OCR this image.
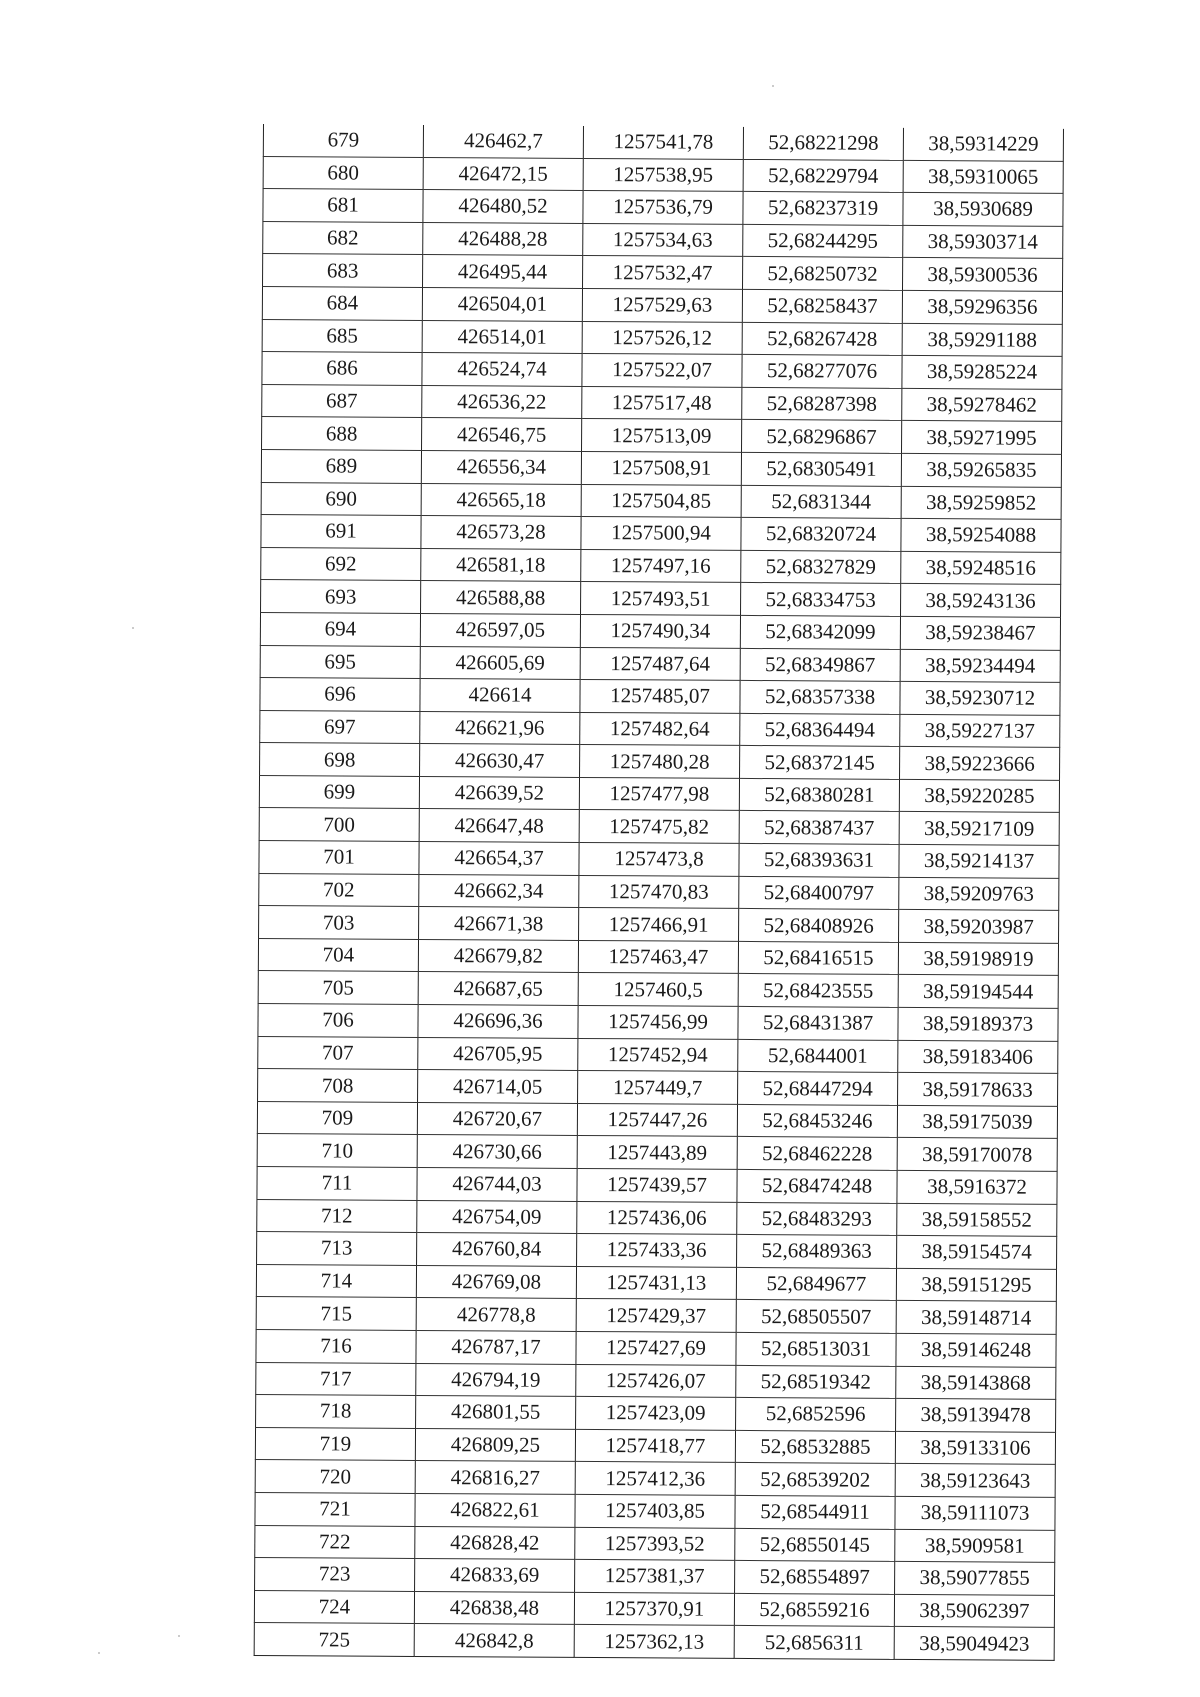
679	426462,7	1257541,78	52,68221298	38,59314229
680	426472,15	1257538,95	52,68229794	38,59310065
681	426480,52	1257536,79	52,68237319	38,5930689
682	426488,28	1257534,63	52,68244295	38,59303714
683	426495,44	1257532,47	52,68250732	38,59300536
684	426504,01	1257529,63	52,68258437	38,59296356
685	426514,01	1257526,12	52,68267428	38,59291188
686	426524,74	1257522,07	52,68277076	38,59285224
687	426536,22	1257517,48	52,68287398	38,59278462
688	426546,75	1257513,09	52,68296867	38,59271995
689	426556,34	1257508,91	52,68305491	38,59265835
690	426565,18	1257504,85	52,6831344	38,59259852
691	426573,28	1257500,94	52,68320724	38,59254088
692	426581,18	1257497,16	52,68327829	38,59248516
693	426588,88	1257493,51	52,68334753	38,59243136
694	426597,05	1257490,34	52,68342099	38,59238467
695	426605,69	1257487,64	52,68349867	38,59234494
696	426614	1257485,07	52,68357338	38,59230712
697	426621,96	1257482,64	52,68364494	38,59227137
698	426630,47	1257480,28	52,68372145	38,59223666
699	426639,52	1257477,98	52,68380281	38,59220285
700	426647,48	1257475,82	52,68387437	38,59217109
701	426654,37	1257473,8	52,68393631	38,59214137
702	426662,34	1257470,83	52,68400797	38,59209763
703	426671,38	1257466,91	52,68408926	38,59203987
704	426679,82	1257463,47	52,68416515	38,59198919
705	426687,65	1257460,5	52,68423555	38,59194544
706	426696,36	1257456,99	52,68431387	38,59189373
707	426705,95	1257452,94	52,6844001	38,59183406
708	426714,05	1257449,7	52,68447294	38,59178633
709	426720,67	1257447,26	52,68453246	38,59175039
710	426730,66	1257443,89	52,68462228	38,59170078
711	426744,03	1257439,57	52,68474248	38,5916372
712	426754,09	1257436,06	52,68483293	38,59158552
713	426760,84	1257433,36	52,68489363	38,59154574
714	426769,08	1257431,13	52,6849677	38,59151295
715	426778,8	1257429,37	52,68505507	38,59148714
716	426787,17	1257427,69	52,68513031	38,59146248
717	426794,19	1257426,07	52,68519342	38,59143868
718	426801,55	1257423,09	52,6852596	38,59139478
719	426809,25	1257418,77	52,68532885	38,59133106
720	426816,27	1257412,36	52,68539202	38,59123643
721	426822,61	1257403,85	52,68544911	38,59111073
722	426828,42	1257393,52	52,68550145	38,5909581
723	426833,69	1257381,37	52,68554897	38,59077855
724	426838,48	1257370,91	52,68559216	38,59062397
725	426842,8	1257362,13	52,6856311	38,59049423
